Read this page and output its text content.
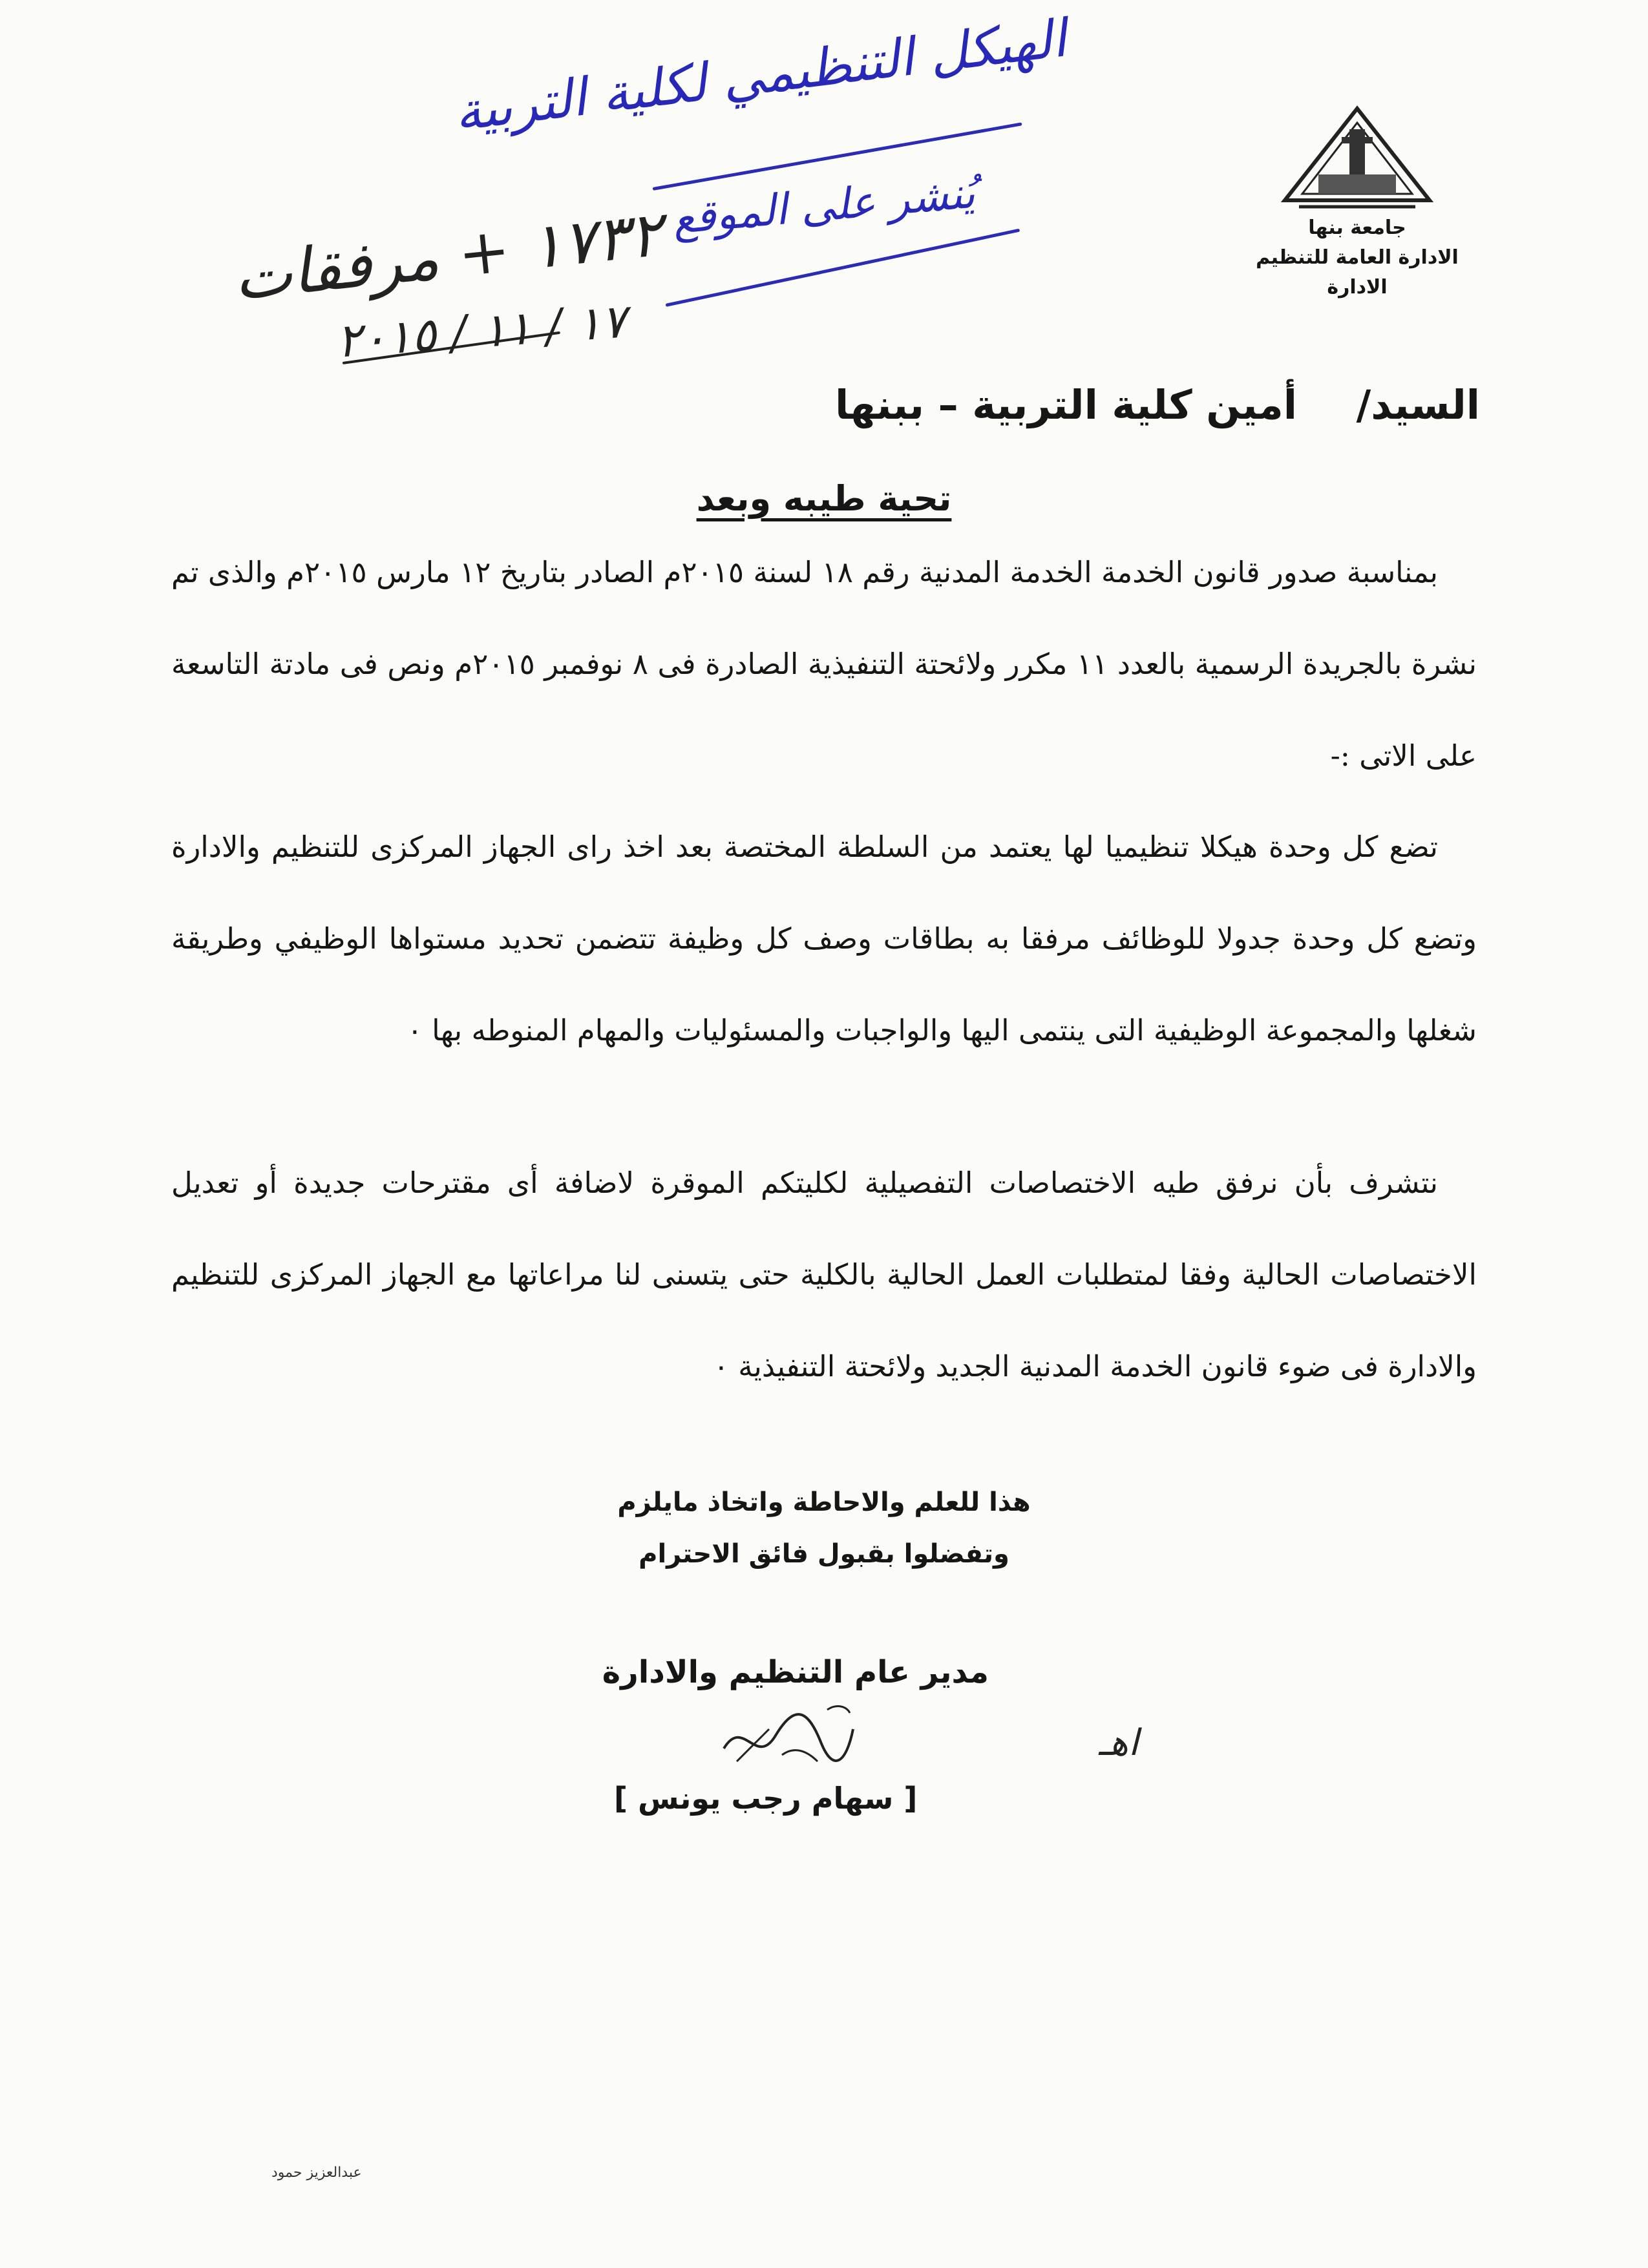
جامعة بنها
الادارة العامة للتنظيم الادارة
الهيكل التنظيمي لكلية التربية
يُنشر على الموقع
١٧٣٢ + مرفقات
١٧ / ١١ / ٢٠١٥
السيد/ أمين كلية التربية – ببنها
تحية طيبه وبعد
بمناسبة صدور قانون الخدمة الخدمة المدنية رقم ١٨ لسنة ٢٠١٥م الصادر بتاريخ ١٢ مارس ٢٠١٥م والذى تم نشرة بالجريدة الرسمية بالعدد ١١ مكرر ولائحتة التنفيذية الصادرة فى ٨ نوفمبر ٢٠١٥م ونص فى مادتة التاسعة على الاتى :-
تضع كل وحدة هيكلا تنظيميا لها يعتمد من السلطة المختصة بعد اخذ راى الجهاز المركزى للتنظيم والادارة وتضع كل وحدة جدولا للوظائف مرفقا به بطاقات وصف كل وظيفة تتضمن تحديد مستواها الوظيفي وطريقة شغلها والمجموعة الوظيفية التى ينتمى اليها والواجبات والمسئوليات والمهام المنوطه بها ٠
نتشرف بأن نرفق طيه الاختصاصات التفصيلية لكليتكم الموقرة لاضافة أى مقترحات جديدة أو تعديل الاختصاصات الحالية وفقا لمتطلبات العمل الحالية بالكلية حتى يتسنى لنا مراعاتها مع الجهاز المركزى للتنظيم والادارة فى ضوء قانون الخدمة المدنية الجديد ولائحتة التنفيذية ٠
هذا للعلم والاحاطة واتخاذ مايلزم
وتفضلوا بقبول فائق الاحترام
مدير عام التنظيم والادارة
[ سهام رجب يونس ]
اهـ
عبدالعزيز حمود
